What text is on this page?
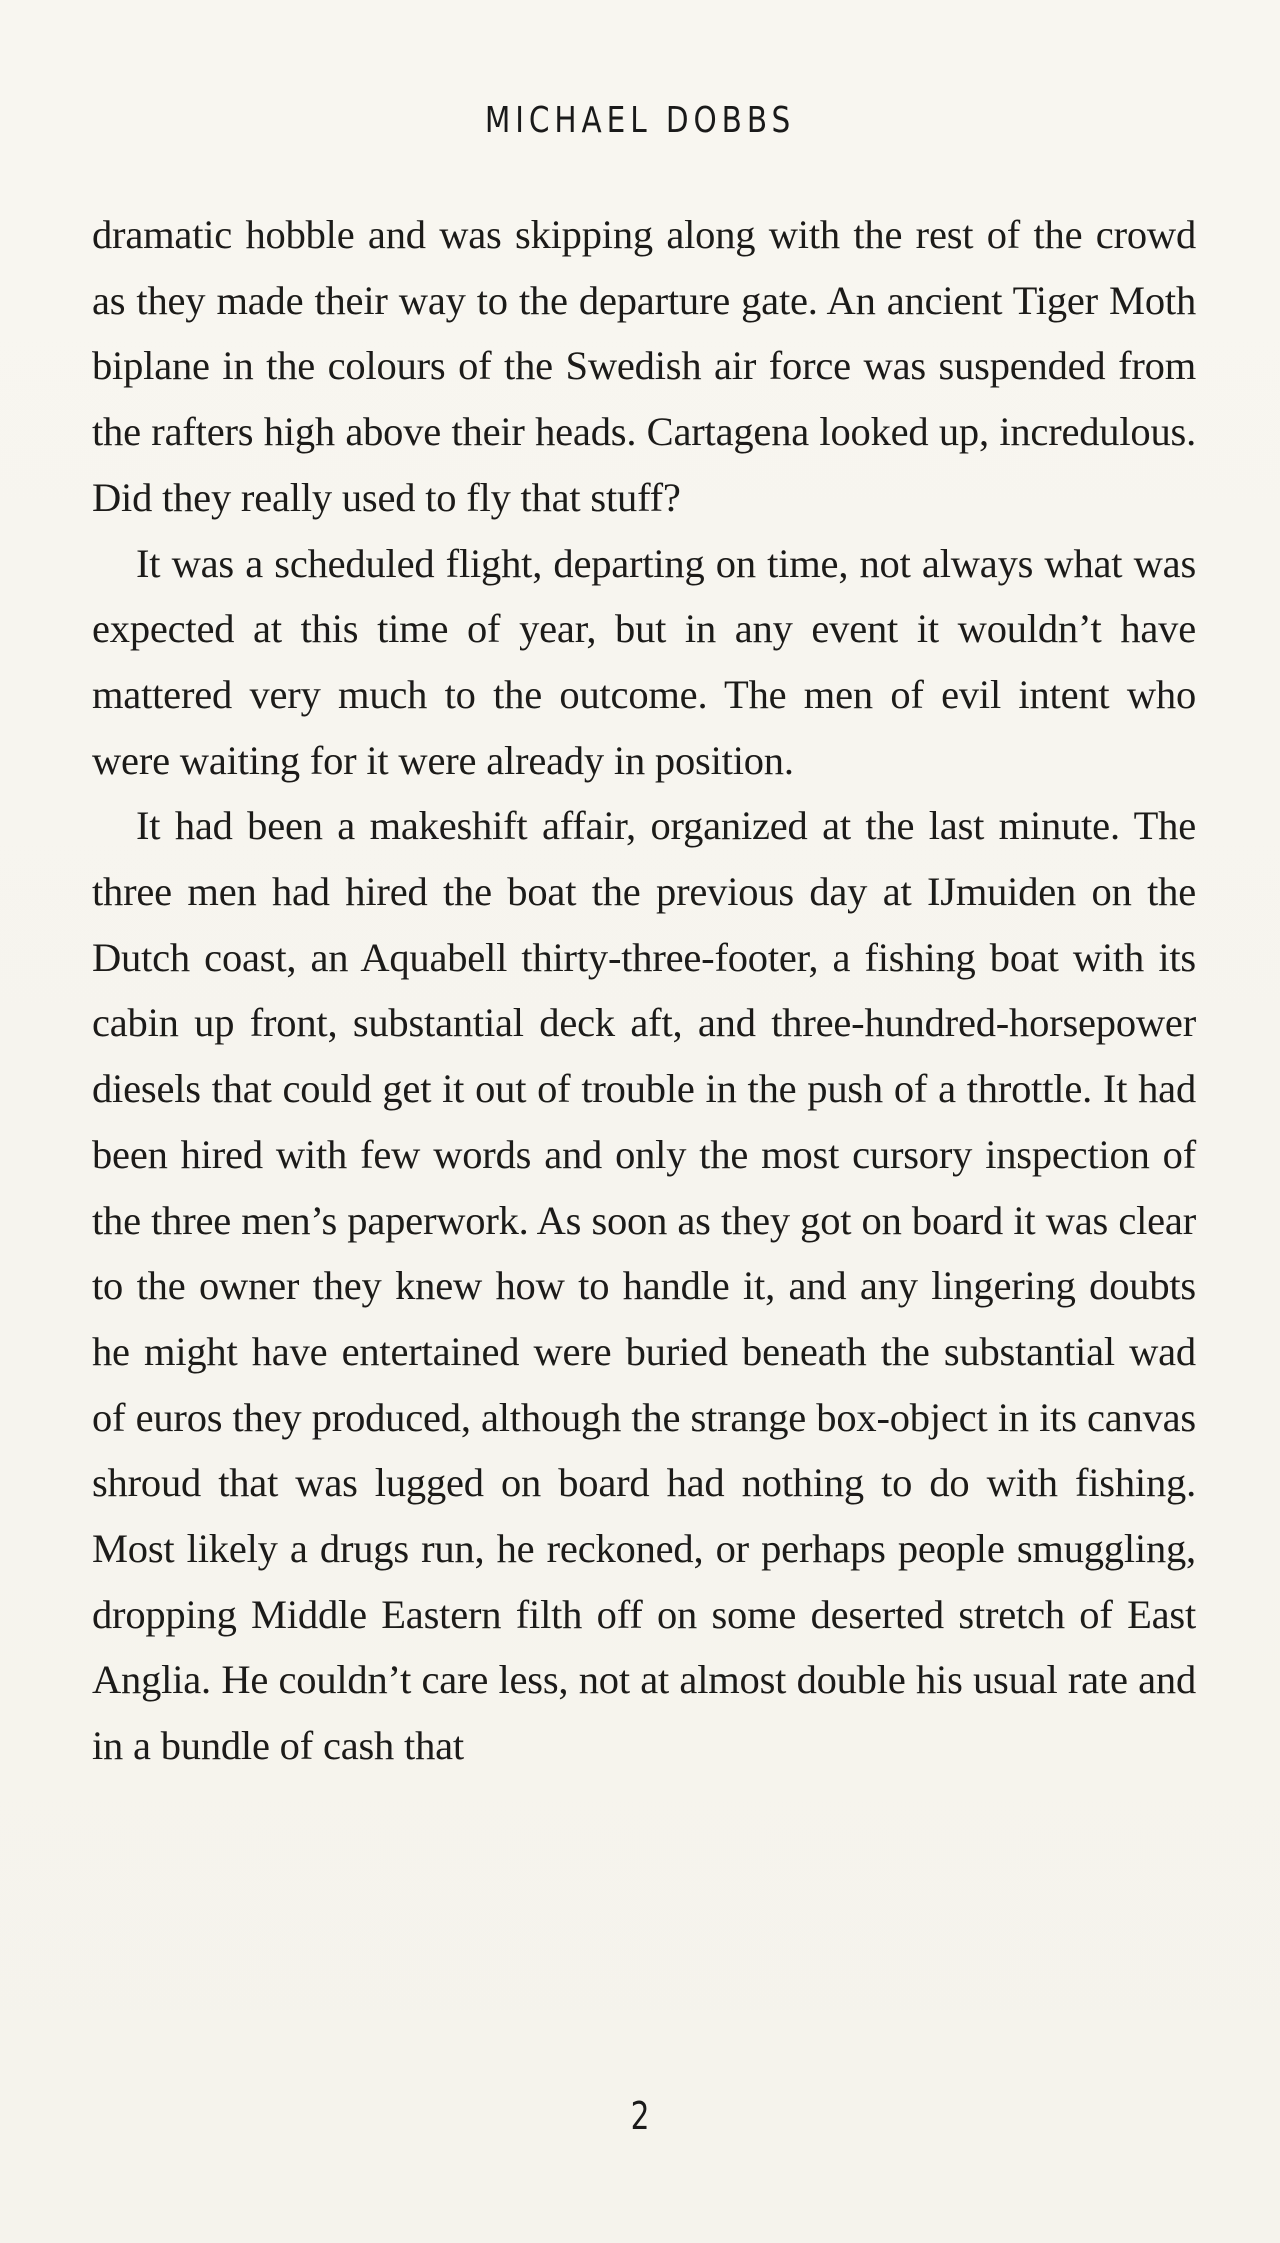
MICHAEL DOBBS

dramatic hobble and was skipping along with the rest of the crowd as they made their way to the departure gate. An ancient Tiger Moth biplane in the colours of the Swedish air force was suspended from the rafters high above their heads. Cartagena looked up, incredulous. Did they really used to fly that stuff?

It was a scheduled flight, departing on time, not always what was expected at this time of year, but in any event it wouldn’t have mattered very much to the outcome. The men of evil intent who were waiting for it were already in position.

It had been a makeshift affair, organized at the last minute. The three men had hired the boat the previous day at IJmuiden on the Dutch coast, an Aquabell thirty-three-footer, a fishing boat with its cabin up front, substantial deck aft, and three-hundred-horsepower diesels that could get it out of trouble in the push of a throttle. It had been hired with few words and only the most cursory inspection of the three men’s paperwork. As soon as they got on board it was clear to the owner they knew how to handle it, and any lingering doubts he might have entertained were buried beneath the substantial wad of euros they produced, although the strange box-object in its canvas shroud that was lugged on board had nothing to do with fishing. Most likely a drugs run, he reckoned, or perhaps people smuggling, dropping Middle Eastern filth off on some deserted stretch of East Anglia. He couldn’t care less, not at almost double his usual rate and in a bundle of cash that

2
